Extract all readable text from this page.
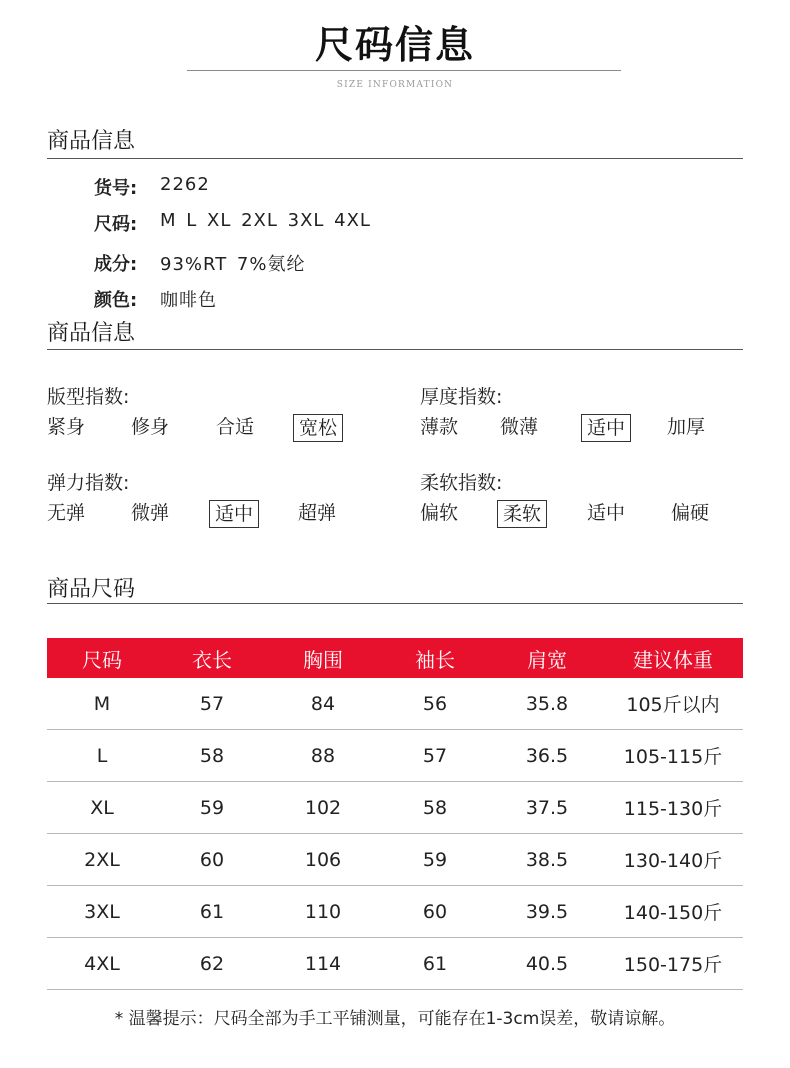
尺码信息
SIZE INFORMATION
商品信息
货号: 2262
尺码: M L XL 2XL 3XL 4XL
成分: 93%RT 7%氨纶
颜色: 咖啡色
商品信息
版型指数:
紧身 修身 合适	宽松
厚度指数:
薄款 微薄	适中	加厚
弹力指数:
无弹 微弹	适中	超弹
柔软指数:
偏软	柔软	适中 偏硬
商品尺码
尺码	衣长	胸围	袖长	肩宽	建议体重
M	57	84	56	35.8	105斤以内
L	58	88	57	36.5	105-115斤
XL	59	102	58	37.5	115-130斤
2XL	60	106	59	38.5	130-140斤
3XL	61	110	60	39.5	140-150斤
4XL	62	114	61	40.5	150-175斤
* 温馨提示：尺码全部为手工平铺测量，可能存在1-3cm误差，敬请谅解。
